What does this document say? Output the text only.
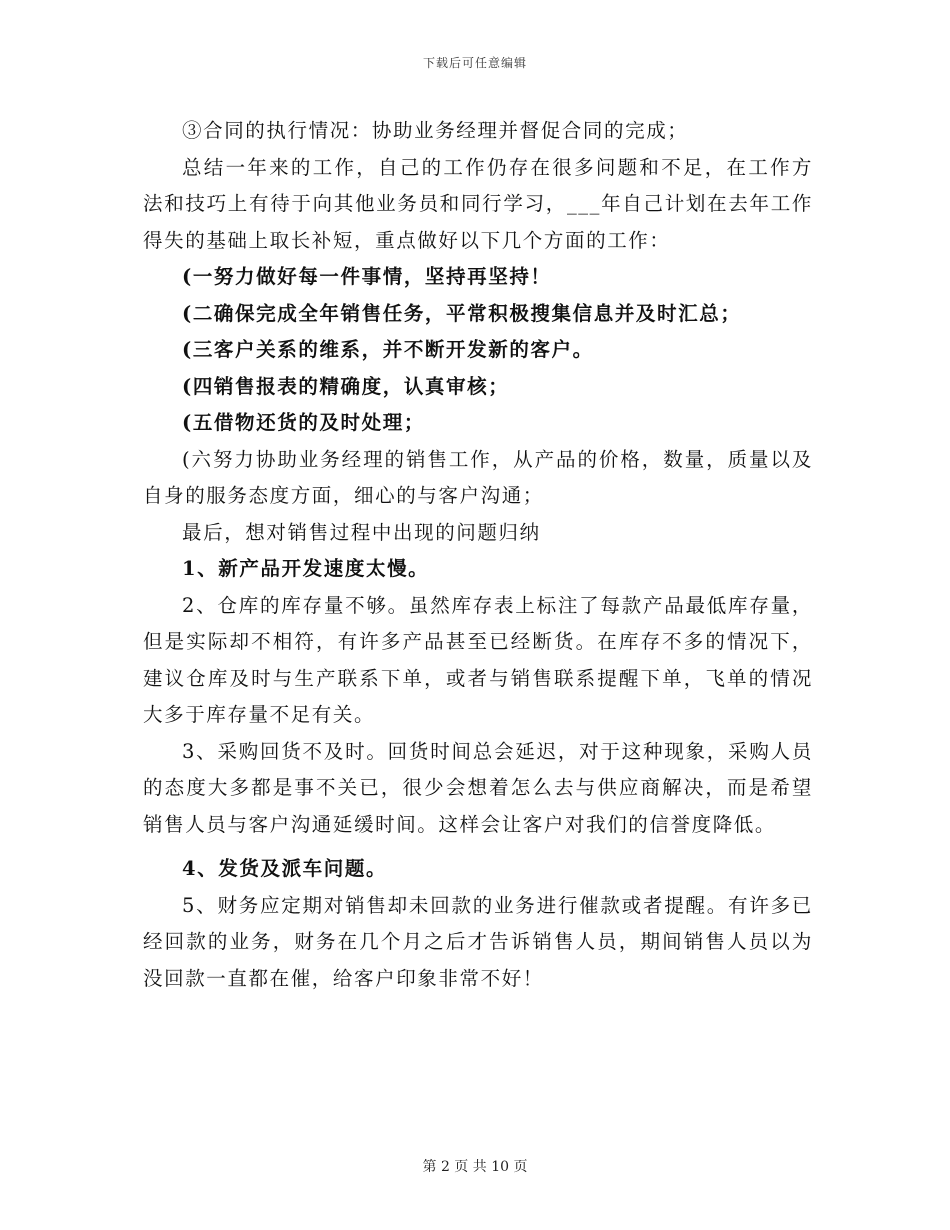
下载后可任意编辑

③合同的执行情况：协助业务经理并督促合同的完成；

总结一年来的工作，自己的工作仍存在很多问题和不足，在工作方法和技巧上有待于向其他业务员和同行学习，___年自己计划在去年工作得失的基础上取长补短，重点做好以下几个方面的工作：

(一努力做好每一件事情，坚持再坚持！

(二确保完成全年销售任务，平常积极搜集信息并及时汇总；

(三客户关系的维系，并不断开发新的客户。

(四销售报表的精确度，认真审核；

(五借物还货的及时处理；

(六努力协助业务经理的销售工作，从产品的价格，数量，质量以及自身的服务态度方面，细心的与客户沟通；

最后，想对销售过程中出现的问题归纳

1、新产品开发速度太慢。

2、仓库的库存量不够。虽然库存表上标注了每款产品最低库存量，但是实际却不相符，有许多产品甚至已经断货。在库存不多的情况下，建议仓库及时与生产联系下单，或者与销售联系提醒下单，飞单的情况大多于库存量不足有关。

3、采购回货不及时。回货时间总会延迟，对于这种现象，采购人员的态度大多都是事不关已，很少会想着怎么去与供应商解决，而是希望销售人员与客户沟通延缓时间。这样会让客户对我们的信誉度降低。

4、发货及派车问题。

5、财务应定期对销售却未回款的业务进行催款或者提醒。有许多已经回款的业务，财务在几个月之后才告诉销售人员，期间销售人员以为没回款一直都在催，给客户印象非常不好！

第 2 页 共 10 页
